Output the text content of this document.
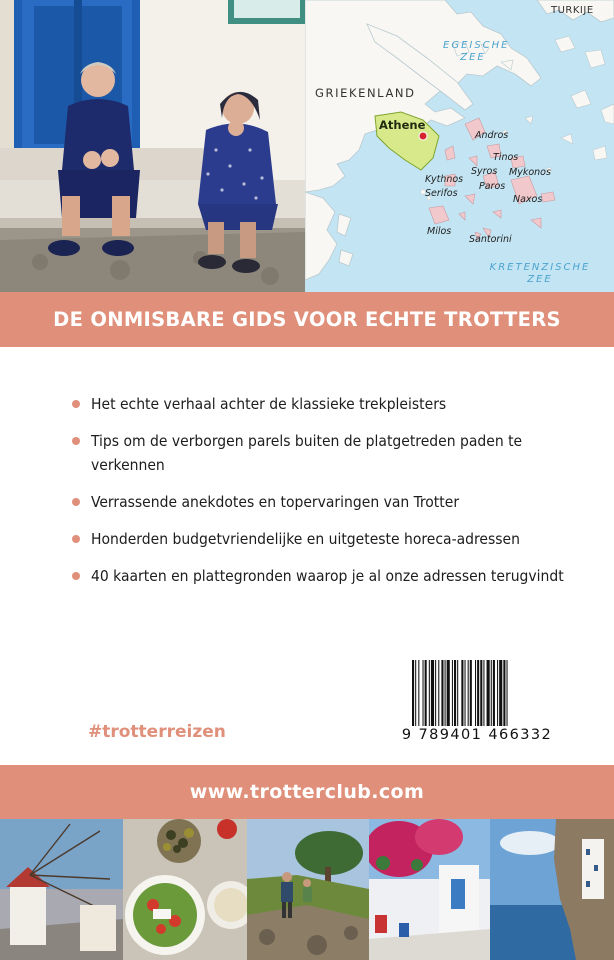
TURKIJE
EGEISCHE
ZEE
GRIEKENLAND
Athene
Andros
Tinos
Kythnos
Syros Mykonos
Serifos
Paros
Naxos
Milos
Santorini
KRETENZISCHE
ZEE
DE ONMISBARE GIDS VOOR ECHTE TROTTERS
Het echte verhaal achter de klassieke trekpleisters
Tips om de verborgen parels buiten de platgetreden paden te verkennen
Verrassende anekdotes en topervaringen van Trotter
Honderden budgetvriendelijke en uitgeteste horeca-adressen
40 kaarten en plattegronden waarop je al onze adressen terugvindt
9 789401 466332
#trotterreizen
www.trotterclub.com
